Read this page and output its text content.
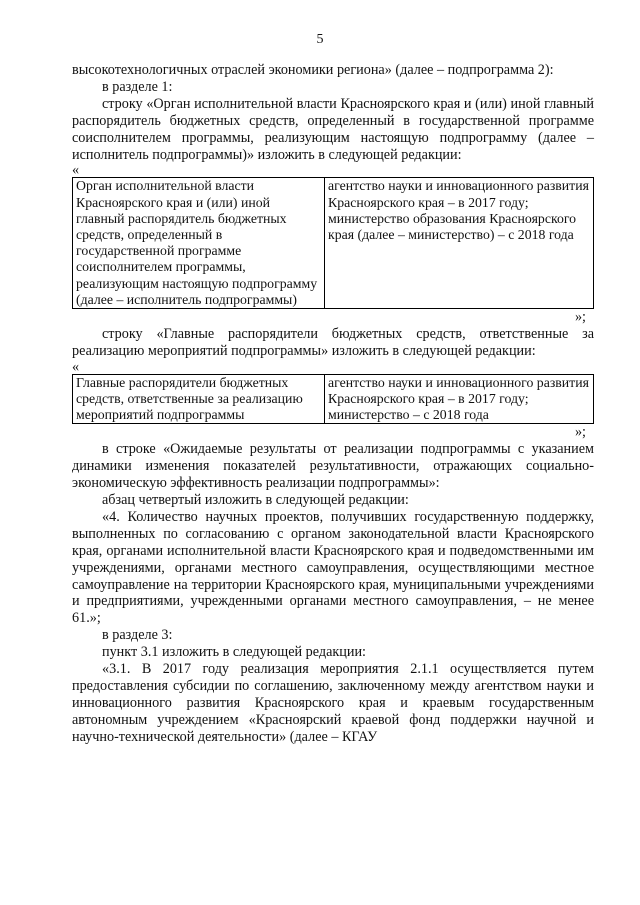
5

высокотехнологичных отраслей экономики региона» (далее – подпрограмма 2):

в разделе 1:

строку «Орган исполнительной власти Красноярского края и (или) иной главный распорядитель бюджетных средств, определенный в государственной программе соисполнителем программы, реализующим настоящую подпрограмму (далее – исполнитель подпрограммы)» изложить в следующей редакции:

«

Орган исполнительной власти Красноярского края и (или) иной главный распорядитель бюджетных средств, определенный в государственной программе соисполнителем программы, реализующим настоящую подпрограмму (далее – исполнитель подпрограммы)	агентство науки и инновационного развития Красноярского края – в 2017 году; министерство образования Красноярского края (далее – министерство) – с 2018 года

»;

строку «Главные распорядители бюджетных средств, ответственные за реализацию мероприятий подпрограммы» изложить в следующей редакции:

«

Главные распорядители бюджетных средств, ответственные за реализацию мероприятий подпрограммы	агентство науки и инновационного развития Красноярского края – в 2017 году; министерство – с 2018 года

»;

в строке «Ожидаемые результаты от реализации подпрограммы с указанием динамики изменения показателей результативности, отражающих социально-экономическую эффективность реализации подпрограммы»:

абзац четвертый изложить в следующей редакции:

«4. Количество научных проектов, получивших государственную поддержку, выполненных по согласованию с органом законодательной власти Красноярского края, органами исполнительной власти Красноярского края и подведомственными им учреждениями, органами местного самоуправления, осуществляющими местное самоуправление на территории Красноярского края, муниципальными учреждениями и предприятиями, учрежденными органами местного самоуправления, – не менее 61.»;

в разделе 3:

пункт 3.1 изложить в следующей редакции:

«3.1. В 2017 году реализация мероприятия 2.1.1 осуществляется путем предоставления субсидии по соглашению, заключенному между агентством науки и инновационного развития Красноярского края и краевым государственным автономным учреждением «Красноярский краевой фонд поддержки научной и научно-технической деятельности» (далее – КГАУ
